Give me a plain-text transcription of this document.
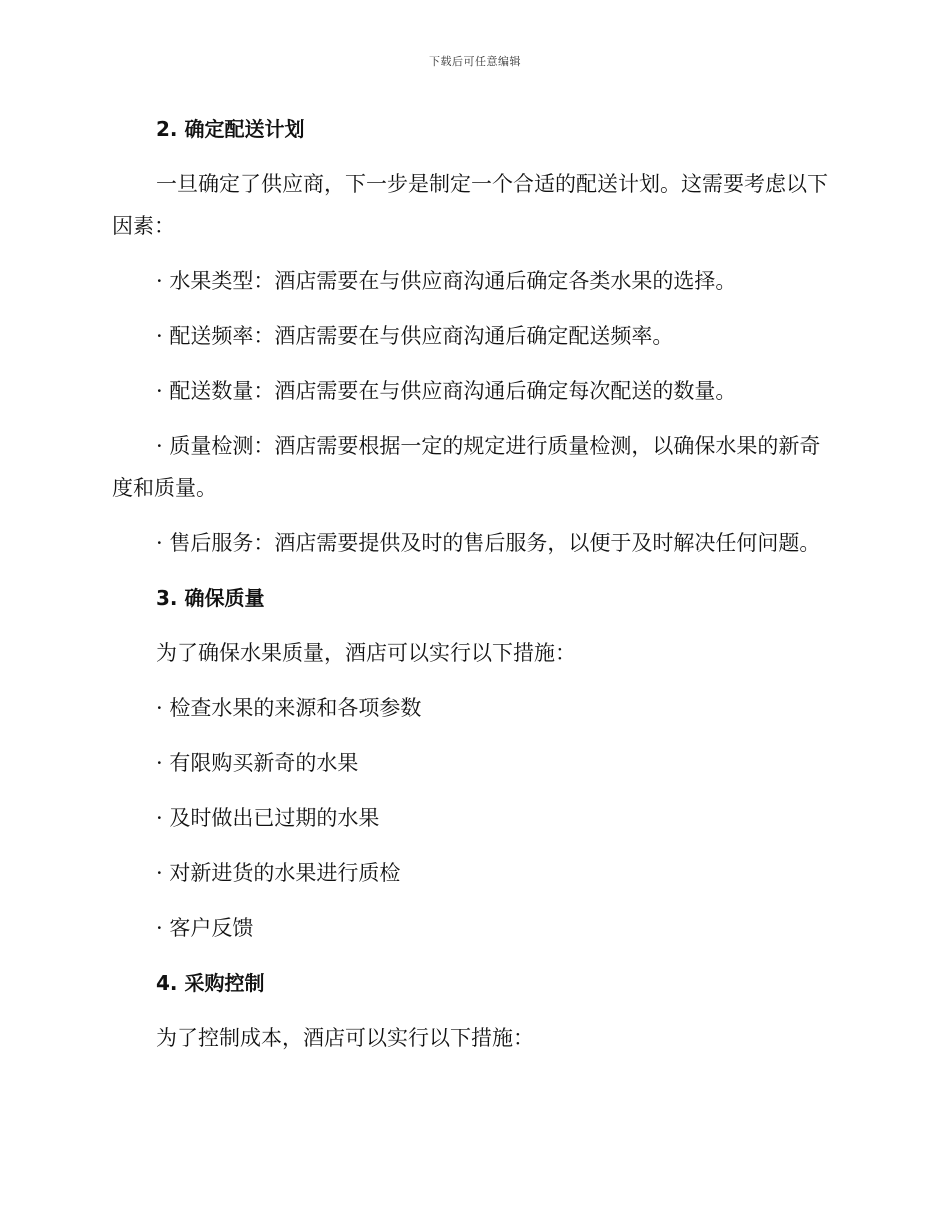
下载后可任意编辑

2. 确定配送计划

一旦确定了供应商，下一步是制定一个合适的配送计划。这需要考虑以下因素：

· 水果类型：酒店需要在与供应商沟通后确定各类水果的选择。

· 配送频率：酒店需要在与供应商沟通后确定配送频率。

· 配送数量：酒店需要在与供应商沟通后确定每次配送的数量。

· 质量检测：酒店需要根据一定的规定进行质量检测，以确保水果的新奇度和质量。

· 售后服务：酒店需要提供及时的售后服务，以便于及时解决任何问题。

3. 确保质量

为了确保水果质量，酒店可以实行以下措施：

· 检查水果的来源和各项参数

· 有限购买新奇的水果

· 及时做出已过期的水果

· 对新进货的水果进行质检

· 客户反馈

4. 采购控制

为了控制成本，酒店可以实行以下措施：
